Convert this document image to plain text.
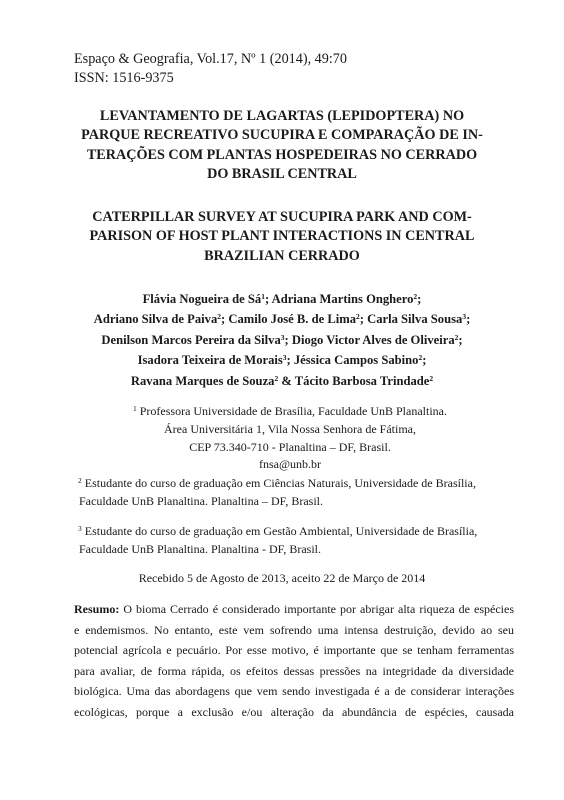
Espaço & Geografia, Vol.17, Nº 1 (2014), 49:70
ISSN: 1516-9375
LEVANTAMENTO DE LAGARTAS (LEPIDOPTERA) NO
PARQUE RECREATIVO SUCUPIRA E COMPARAÇÃO DE IN-
TERAÇÕES COM PLANTAS HOSPEDEIRAS NO CERRADO
DO BRASIL CENTRAL
CATERPILLAR SURVEY AT SUCUPIRA PARK AND COM-
PARISON OF HOST PLANT INTERACTIONS IN CENTRAL
BRAZILIAN CERRADO
Flávia Nogueira de $Sá^1$; Adriana Martins Onghero$^2$;
Adriano Silva de Paiva$^2$; Camilo José B. de Lima$^2$; Carla Silva Sousa$^3$;
Denilson Marcos Pereira da Silva$^3$; Diogo Victor Alves de Oliveira$^2$;
Isadora Teixeira de Morais$^3$; Jéssica Campos Sabino$^2$;
Ravana Marques de Souza$^2$ & Tácito Barbosa Trindade$^2$
$^1$ Professora Universidade de Brasília, Faculdade UnB Planaltina.
Área Universitária 1, Vila Nossa Senhora de Fátima,
CEP 73.340-710 - Planaltina – DF, Brasil.
fnsa@unb.br
$^2$ Estudante do curso de graduação em Ciências Naturais, Universidade de Brasília,
Faculdade UnB Planaltina. Planaltina – DF, Brasil.
$^3$ Estudante do curso de graduação em Gestão Ambiental, Universidade de Brasília,
Faculdade UnB Planaltina. Planaltina - DF, Brasil.
Recebido 5 de Agosto de 2013, aceito 22 de Março de 2014
Resumo: O bioma Cerrado é considerado importante por abrigar alta riqueza de espécies
e endemismos. No entanto, este vem sofrendo uma intensa destruição, devido ao seu
potencial agrícola e pecuário. Por esse motivo, é importante que se tenham ferramentas
para avaliar, de forma rápida, os efeitos dessas pressões na integridade da diversidade
biológica. Uma das abordagens que vem sendo investigada é a de considerar interações
ecológicas, porque a exclusão e/ou alteração da abundância de espécies, causada
